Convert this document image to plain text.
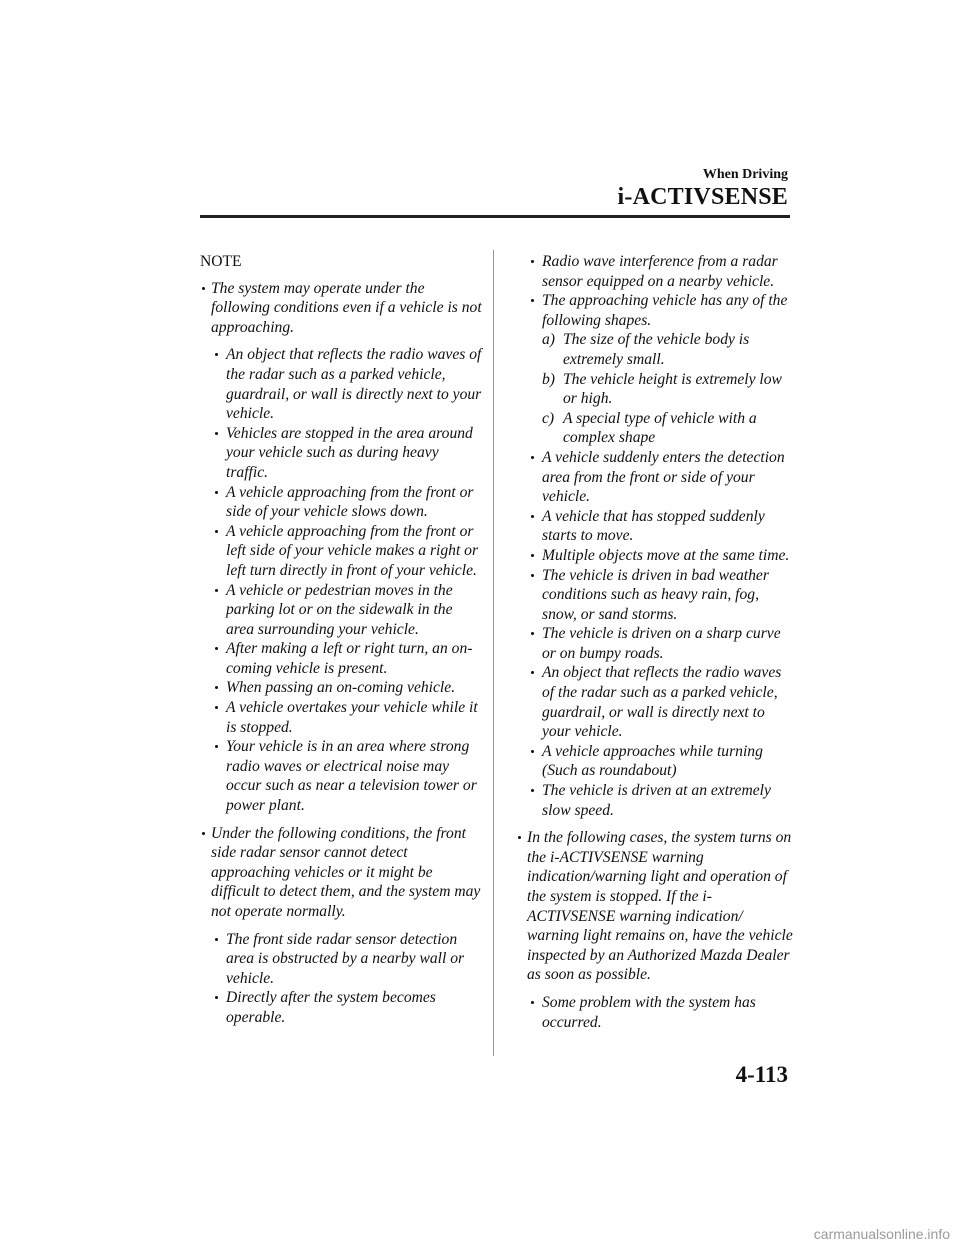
When Driving
i-ACTIVSENSE
NOTE
The system may operate under the following conditions even if a vehicle is not approaching.
An object that reflects the radio waves of the radar such as a parked vehicle, guardrail, or wall is directly next to your vehicle.
Vehicles are stopped in the area around your vehicle such as during heavy traffic.
A vehicle approaching from the front or side of your vehicle slows down.
A vehicle approaching from the front or left side of your vehicle makes a right or left turn directly in front of your vehicle.
A vehicle or pedestrian moves in the parking lot or on the sidewalk in the area surrounding your vehicle.
After making a left or right turn, an on-coming vehicle is present.
When passing an on-coming vehicle.
A vehicle overtakes your vehicle while it is stopped.
Your vehicle is in an area where strong radio waves or electrical noise may occur such as near a television tower or power plant.
Under the following conditions, the front side radar sensor cannot detect approaching vehicles or it might be difficult to detect them, and the system may not operate normally.
The front side radar sensor detection area is obstructed by a nearby wall or vehicle.
Directly after the system becomes operable.
Radio wave interference from a radar sensor equipped on a nearby vehicle.
The approaching vehicle has any of the following shapes.
a) The size of the vehicle body is extremely small.
b) The vehicle height is extremely low or high.
c) A special type of vehicle with a complex shape
A vehicle suddenly enters the detection area from the front or side of your vehicle.
A vehicle that has stopped suddenly starts to move.
Multiple objects move at the same time.
The vehicle is driven in bad weather conditions such as heavy rain, fog, snow, or sand storms.
The vehicle is driven on a sharp curve or on bumpy roads.
An object that reflects the radio waves of the radar such as a parked vehicle, guardrail, or wall is directly next to your vehicle.
A vehicle approaches while turning (Such as roundabout)
The vehicle is driven at an extremely slow speed.
In the following cases, the system turns on the i-ACTIVSENSE warning indication/warning light and operation of the system is stopped. If the i-ACTIVSENSE warning indication/ warning light remains on, have the vehicle inspected by an Authorized Mazda Dealer as soon as possible.
Some problem with the system has occurred.
4-113
carmanualsonline.info
